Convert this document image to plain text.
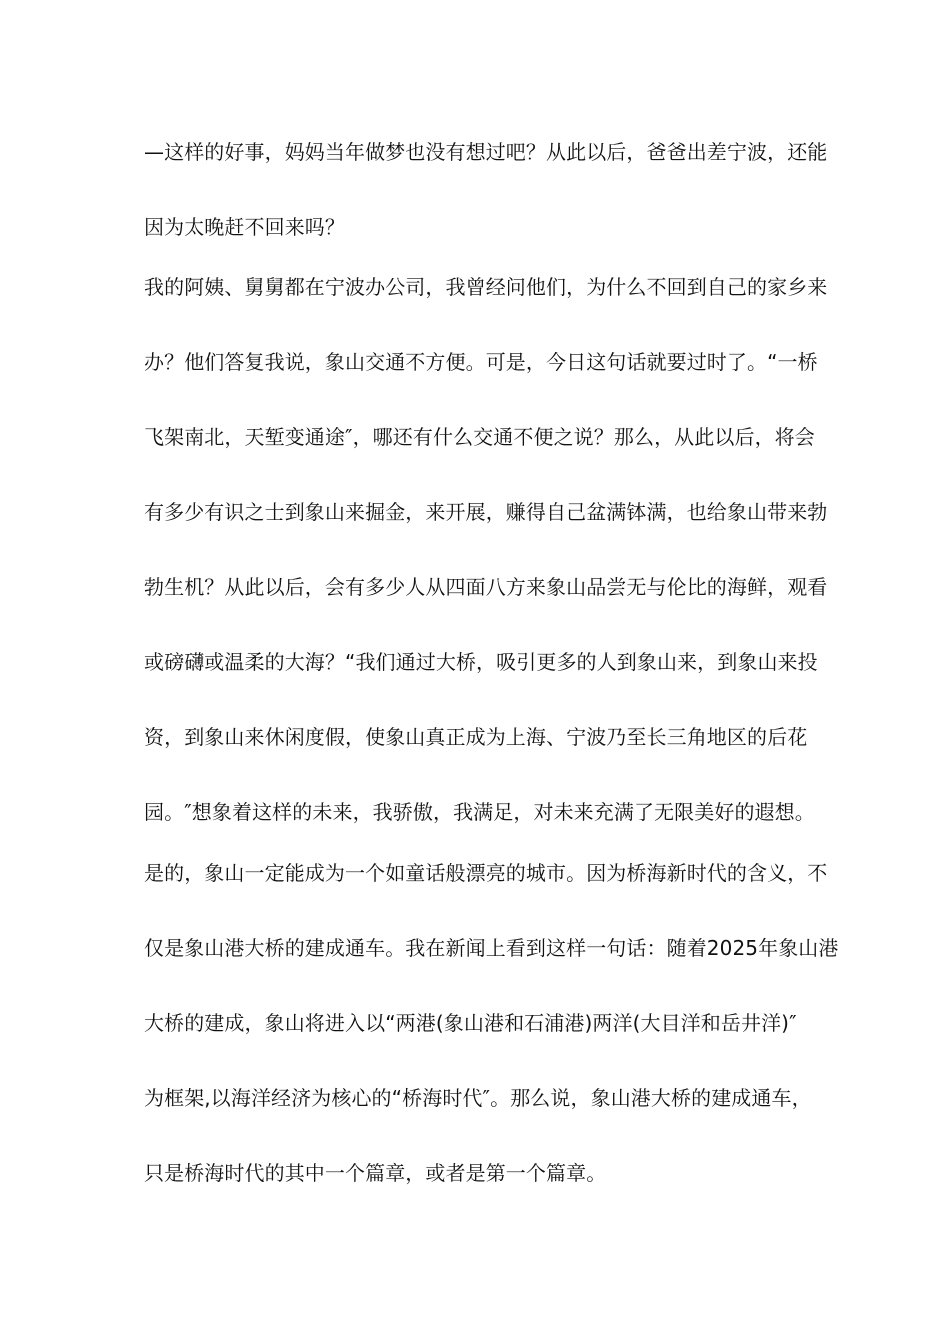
—这样的好事，妈妈当年做梦也没有想过吧？从此以后，爸爸出差宁波，还能
因为太晚赶不回来吗？
我的阿姨、舅舅都在宁波办公司，我曾经问他们，为什么不回到自己的家乡来
办？他们答复我说，象山交通不方便。可是，今日这句话就要过时了。“一桥
飞架南北，天堑变通途″，哪还有什么交通不便之说？那么，从此以后，将会
有多少有识之士到象山来掘金，来开展，赚得自己盆满钵满，也给象山带来勃
勃生机？从此以后，会有多少人从四面八方来象山品尝无与伦比的海鲜，观看
或磅礴或温柔的大海？“我们通过大桥，吸引更多的人到象山来，到象山来投
资，到象山来休闲度假，使象山真正成为上海、宁波乃至长三角地区的后花
园。″想象着这样的未来，我骄傲，我满足，对未来充满了无限美好的遐想。
是的，象山一定能成为一个如童话般漂亮的城市。因为桥海新时代的含义，不
仅是象山港大桥的建成通车。我在新闻上看到这样一句话：随着2025年象山港
大桥的建成，象山将进入以“两港(象山港和石浦港)两洋(大目洋和岳井洋)″
为框架,以海洋经济为核心的“桥海时代″。那么说，象山港大桥的建成通车，
只是桥海时代的其中一个篇章，或者是第一个篇章。
